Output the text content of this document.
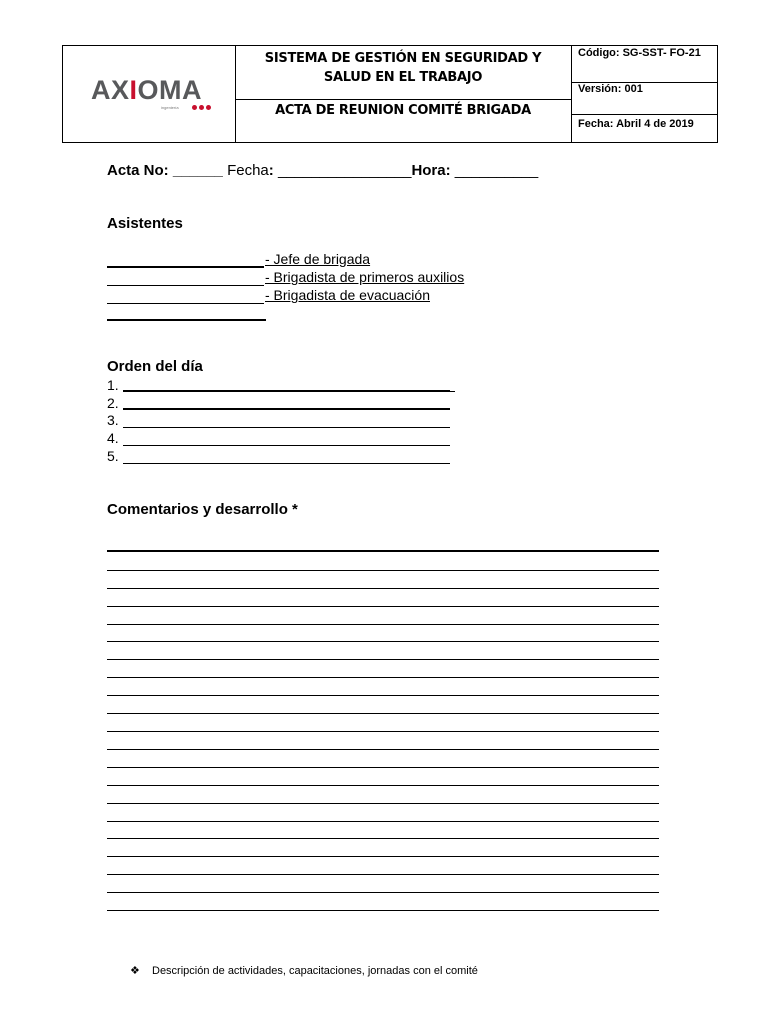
AXIOMA
ingeniería
SISTEMA DE GESTIÓN EN SEGURIDAD Y
SALUD EN EL TRABAJO
ACTA DE REUNION COMITÉ BRIGADA
Código: SG-SST- FO-21
Versión: 001
Fecha: Abril 4 de 2019
Acta No: ______ Fecha: ________________Hora: __________
Asistentes
- Jefe de brigada
- Brigadista de primeros auxilios
- Brigadista de evacuación
Orden del día
1.
2.
3.
4.
5.
Comentarios y desarrollo *
❖ Descripción de actividades, capacitaciones, jornadas con el comité
